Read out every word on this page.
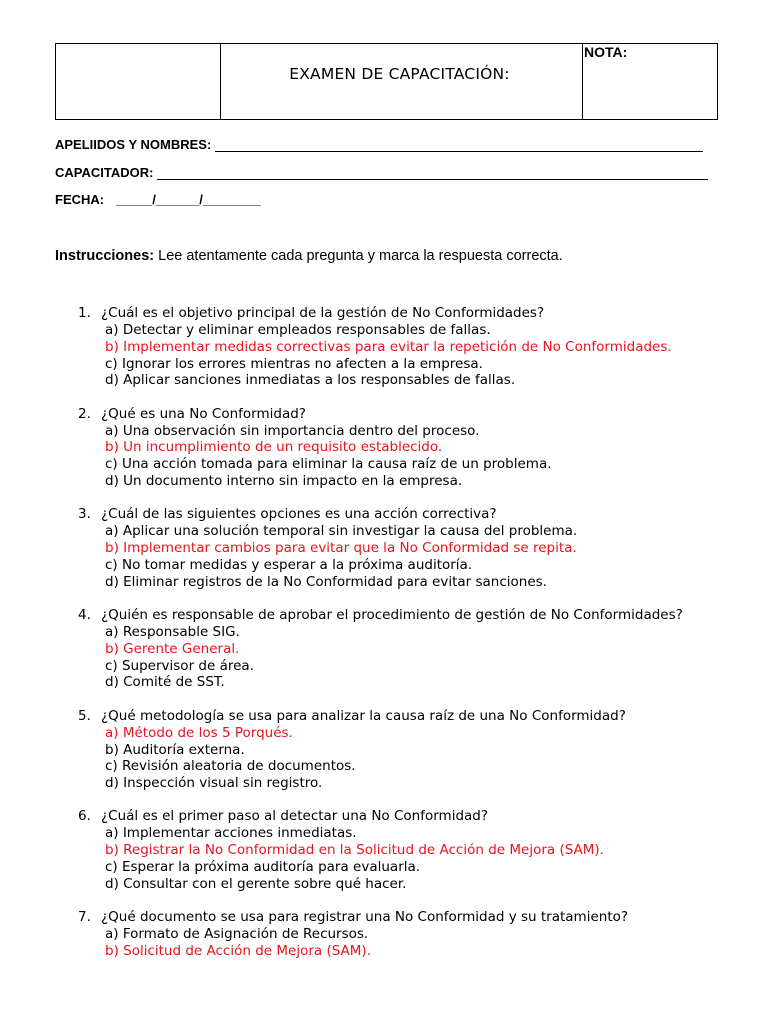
EXAMEN DE CAPACITACIÓN:
NOTA:
APELIIDOS Y NOMBRES:
CAPACITADOR:
FECHA: _____/______/________
Instrucciones: Lee atentamente cada pregunta y marca la respuesta correcta.
1. ¿Cuál es el objetivo principal de la gestión de No Conformidades?
a) Detectar y eliminar empleados responsables de fallas.
b) Implementar medidas correctivas para evitar la repetición de No Conformidades.
c) Ignorar los errores mientras no afecten a la empresa.
d) Aplicar sanciones inmediatas a los responsables de fallas.
2. ¿Qué es una No Conformidad?
a) Una observación sin importancia dentro del proceso.
b) Un incumplimiento de un requisito establecido.
c) Una acción tomada para eliminar la causa raíz de un problema.
d) Un documento interno sin impacto en la empresa.
3. ¿Cuál de las siguientes opciones es una acción correctiva?
a) Aplicar una solución temporal sin investigar la causa del problema.
b) Implementar cambios para evitar que la No Conformidad se repita.
c) No tomar medidas y esperar a la próxima auditoría.
d) Eliminar registros de la No Conformidad para evitar sanciones.
4. ¿Quién es responsable de aprobar el procedimiento de gestión de No Conformidades?
a) Responsable SIG.
b) Gerente General.
c) Supervisor de área.
d) Comité de SST.
5. ¿Qué metodología se usa para analizar la causa raíz de una No Conformidad?
a) Método de los 5 Porqués.
b) Auditoría externa.
c) Revisión aleatoria de documentos.
d) Inspección visual sin registro.
6. ¿Cuál es el primer paso al detectar una No Conformidad?
a) Implementar acciones inmediatas.
b) Registrar la No Conformidad en la Solicitud de Acción de Mejora (SAM).
c) Esperar la próxima auditoría para evaluarla.
d) Consultar con el gerente sobre qué hacer.
7. ¿Qué documento se usa para registrar una No Conformidad y su tratamiento?
a) Formato de Asignación de Recursos.
b) Solicitud de Acción de Mejora (SAM).
